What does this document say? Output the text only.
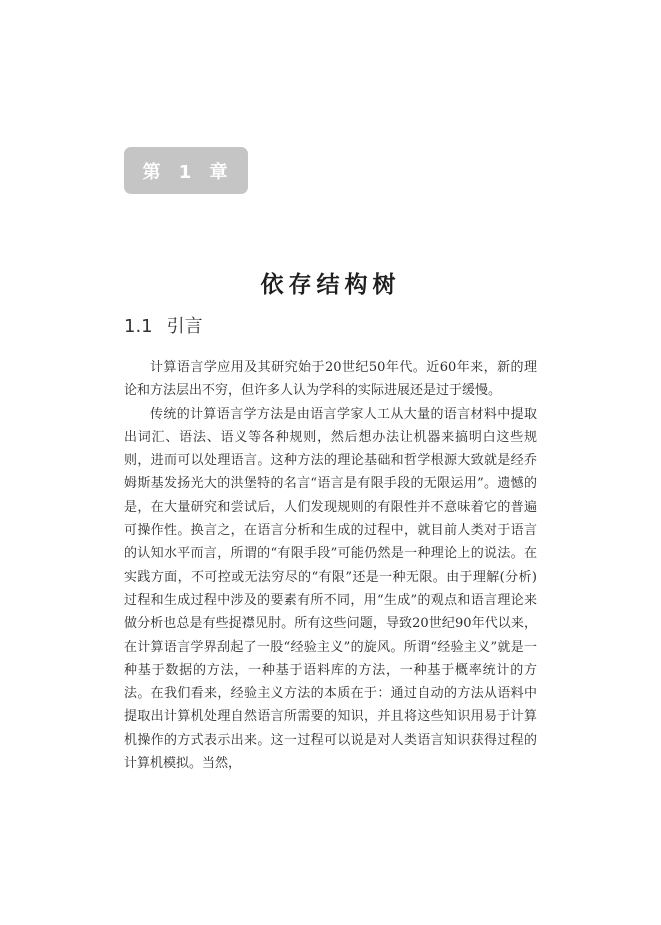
第 1 章
依存结构树
1.1 引言

计算语言学应用及其研究始于20世纪50年代。近60年来，新的理论和方法层出不穷，但许多人认为学科的实际进展还是过于缓慢。

传统的计算语言学方法是由语言学家人工从大量的语言材料中提取出词汇、语法、语义等各种规则，然后想办法让机器来搞明白这些规则，进而可以处理语言。这种方法的理论基础和哲学根源大致就是经乔姆斯基发扬光大的洪堡特的名言“语言是有限手段的无限运用”。遗憾的是，在大量研究和尝试后，人们发现规则的有限性并不意味着它的普遍可操作性。换言之，在语言分析和生成的过程中，就目前人类对于语言的认知水平而言，所谓的“有限手段”可能仍然是一种理论上的说法。在实践方面，不可控或无法穷尽的“有限”还是一种无限。由于理解(分析)过程和生成过程中涉及的要素有所不同，用“生成”的观点和语言理论来做分析也总是有些捉襟见肘。所有这些问题，导致20世纪90年代以来，在计算语言学界刮起了一股“经验主义”的旋风。所谓“经验主义”就是一种基于数据的方法，一种基于语料库的方法，一种基于概率统计的方法。在我们看来，经验主义方法的本质在于：通过自动的方法从语料中提取出计算机处理自然语言所需要的知识，并且将这些知识用易于计算机操作的方式表示出来。这一过程可以说是对人类语言知识获得过程的计算机模拟。当然，
